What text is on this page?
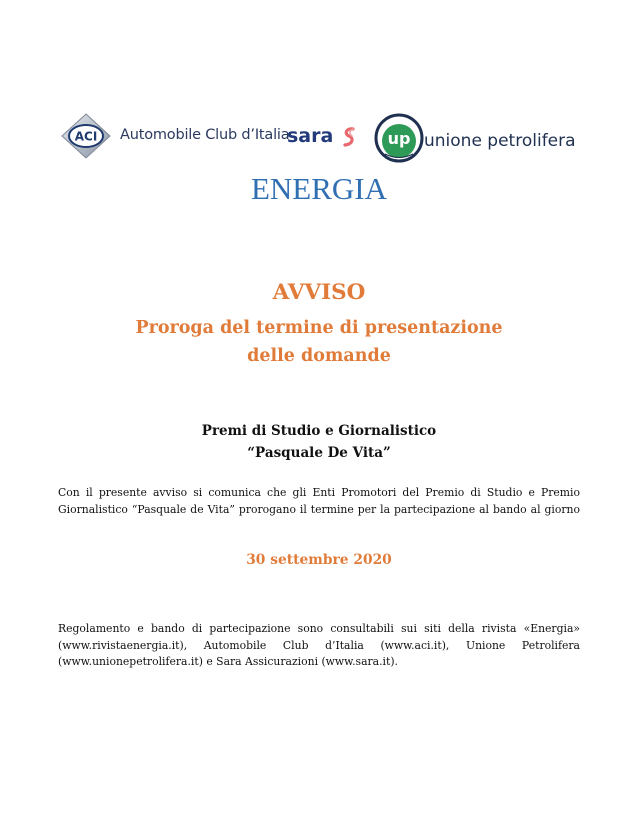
ACI Automobile Club d’Italia
sara	up unione petrolifera
ENERGIA
AVVISO
Proroga del termine di presentazione
delle domande
Premi di Studio e Giornalistico
“Pasquale De Vita”
Con il presente avviso si comunica che gli Enti Promotori del Premio di Studio e Premio
Giornalistico “Pasquale de Vita” prorogano il termine per la partecipazione al bando al giorno
30 settembre 2020
Regolamento e bando di partecipazione sono consultabili sui siti della rivista «Energia»
(www.rivistaenergia.it), Automobile Club d’Italia (www.aci.it), Unione Petrolifera
(www.unionepetrolifera.it) e Sara Assicurazioni (www.sara.it).
